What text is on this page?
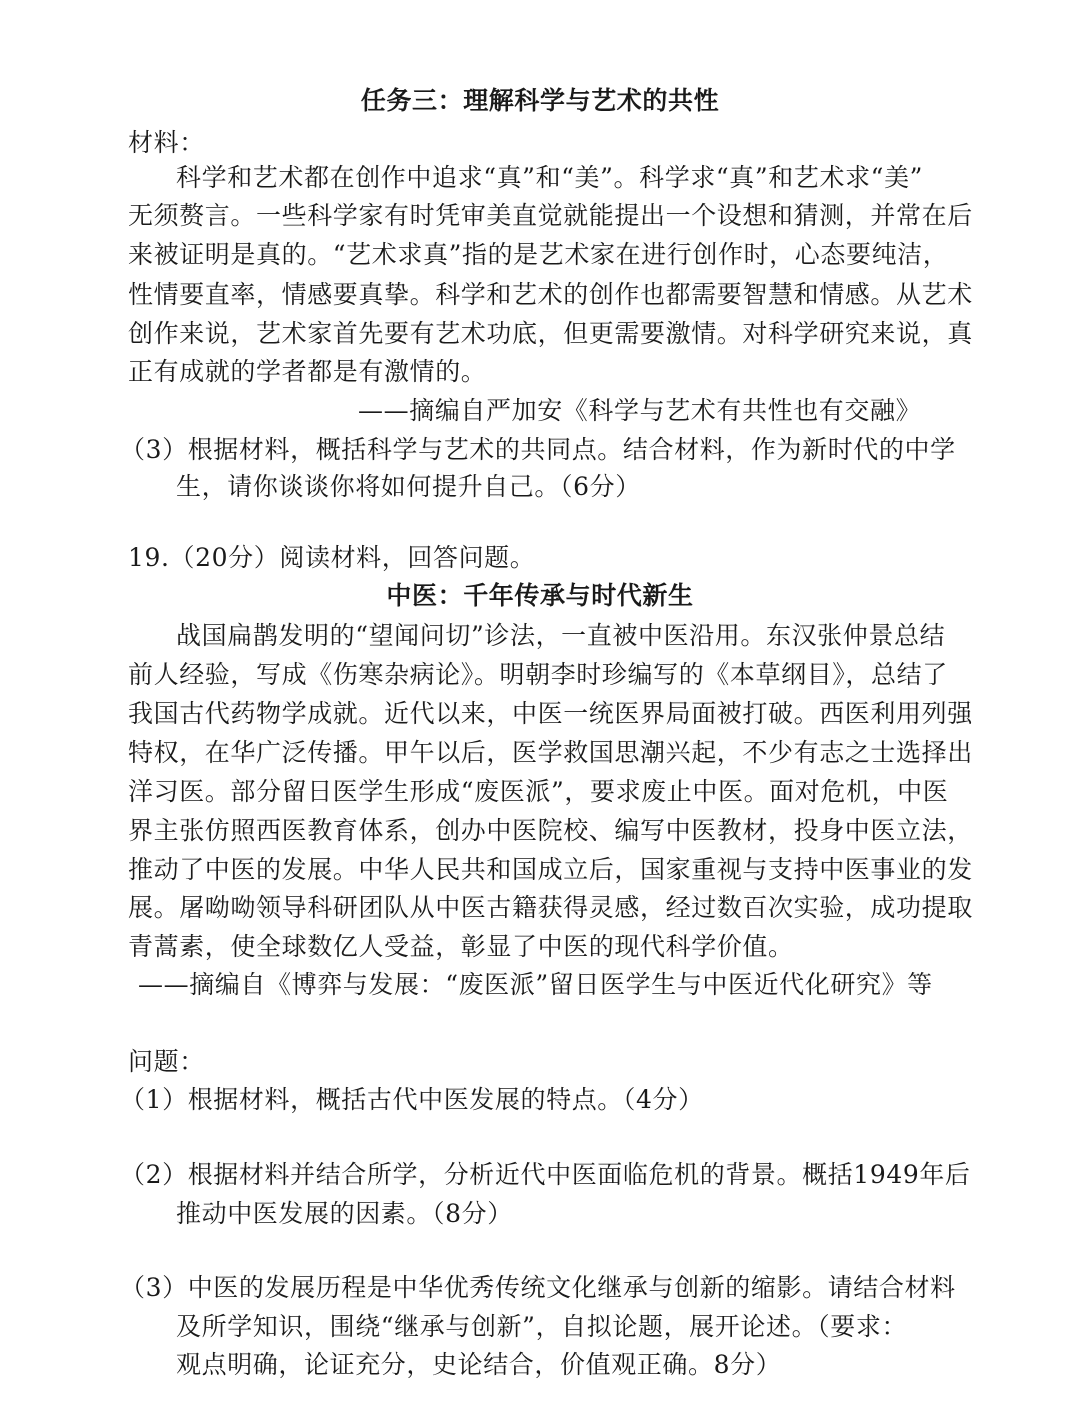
任务三：理解科学与艺术的共性
材料：
科学和艺术都在创作中追求“真”和“美”。科学求“真”和艺术求“美”
无须赘言。一些科学家有时凭审美直觉就能提出一个设想和猜测，并常在后
来被证明是真的。“艺术求真”指的是艺术家在进行创作时，心态要纯洁，
性情要直率，情感要真挚。科学和艺术的创作也都需要智慧和情感。从艺术
创作来说，艺术家首先要有艺术功底，但更需要激情。对科学研究来说，真
正有成就的学者都是有激情的。
——摘编自严加安《科学与艺术有共性也有交融》
（3）根据材料，概括科学与艺术的共同点。结合材料，作为新时代的中学
生，请你谈谈你将如何提升自己。（6分）
19.（20分）阅读材料，回答问题。
中医：千年传承与时代新生
战国扁鹊发明的“望闻问切”诊法，一直被中医沿用。东汉张仲景总结
前人经验，写成《伤寒杂病论》。明朝李时珍编写的《本草纲目》，总结了
我国古代药物学成就。近代以来，中医一统医界局面被打破。西医利用列强
特权，在华广泛传播。甲午以后，医学救国思潮兴起，不少有志之士选择出
洋习医。部分留日医学生形成“废医派”，要求废止中医。面对危机，中医
界主张仿照西医教育体系，创办中医院校、编写中医教材，投身中医立法，
推动了中医的发展。中华人民共和国成立后，国家重视与支持中医事业的发
展。屠呦呦领导科研团队从中医古籍获得灵感，经过数百次实验，成功提取
青蒿素，使全球数亿人受益，彰显了中医的现代科学价值。
——摘编自《博弈与发展：“废医派”留日医学生与中医近代化研究》等
问题：
（1）根据材料，概括古代中医发展的特点。（4分）
（2）根据材料并结合所学，分析近代中医面临危机的背景。概括1949年后
推动中医发展的因素。（8分）
（3）中医的发展历程是中华优秀传统文化继承与创新的缩影。请结合材料
及所学知识，围绕“继承与创新”，自拟论题，展开论述。（要求：
观点明确，论证充分，史论结合，价值观正确。8分）
